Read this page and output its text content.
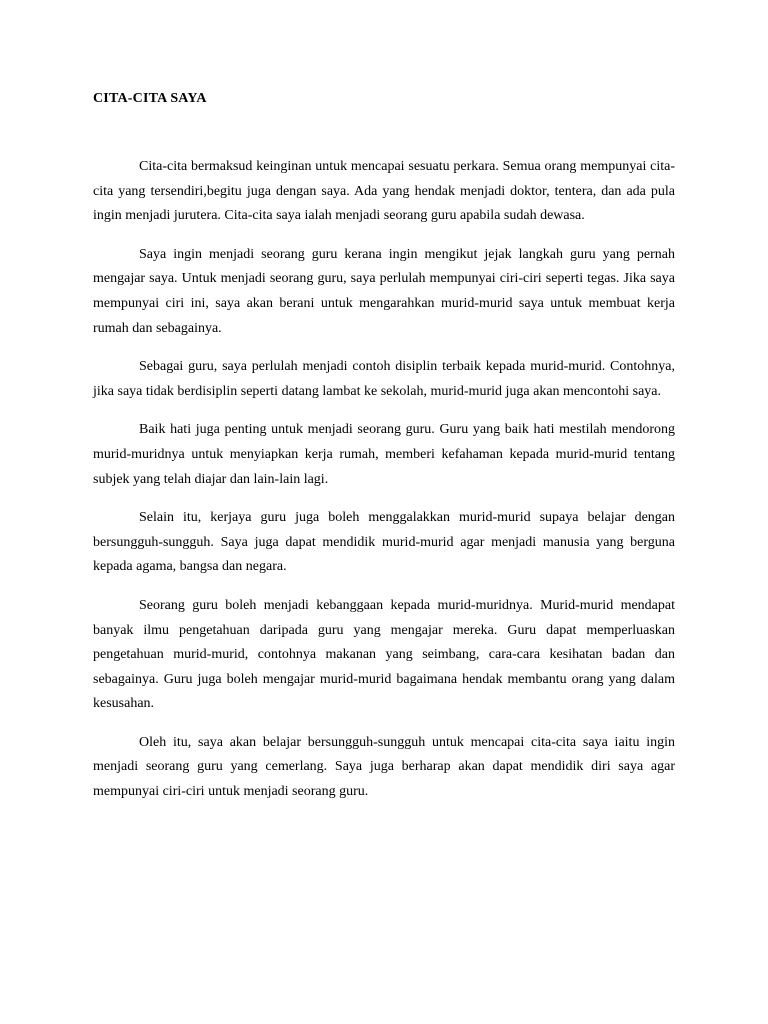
CITA-CITA SAYA

Cita-cita bermaksud keinginan untuk mencapai sesuatu perkara. Semua orang mempunyai cita-cita yang tersendiri,begitu juga dengan saya. Ada yang hendak menjadi doktor, tentera, dan ada pula ingin menjadi jurutera. Cita-cita saya ialah menjadi seorang guru apabila sudah dewasa.

Saya ingin menjadi seorang guru kerana ingin mengikut jejak langkah guru yang pernah mengajar saya. Untuk menjadi seorang guru, saya perlulah mempunyai ciri-ciri seperti tegas. Jika saya mempunyai ciri ini, saya akan berani untuk mengarahkan murid-murid saya untuk membuat kerja rumah dan sebagainya.

Sebagai guru, saya perlulah menjadi contoh disiplin terbaik kepada murid-murid. Contohnya, jika saya tidak berdisiplin seperti datang lambat ke sekolah, murid-murid juga akan mencontohi saya.

Baik hati juga penting untuk menjadi seorang guru. Guru yang baik hati mestilah mendorong murid-muridnya untuk menyiapkan kerja rumah, memberi kefahaman kepada murid-murid tentang subjek yang telah diajar dan lain-lain lagi.

Selain itu, kerjaya guru juga boleh menggalakkan murid-murid supaya belajar dengan bersungguh-sungguh. Saya juga dapat mendidik murid-murid agar menjadi manusia yang berguna kepada agama, bangsa dan negara.

Seorang guru boleh menjadi kebanggaan kepada murid-muridnya. Murid-murid mendapat banyak ilmu pengetahuan daripada guru yang mengajar mereka. Guru dapat memperluaskan pengetahuan murid-murid, contohnya makanan yang seimbang, cara-cara kesihatan badan dan sebagainya. Guru juga boleh mengajar murid-murid bagaimana hendak membantu orang yang dalam kesusahan.

Oleh itu, saya akan belajar bersungguh-sungguh untuk mencapai cita-cita saya iaitu ingin menjadi seorang guru yang cemerlang. Saya juga berharap akan dapat mendidik diri saya agar mempunyai ciri-ciri untuk menjadi seorang guru.
